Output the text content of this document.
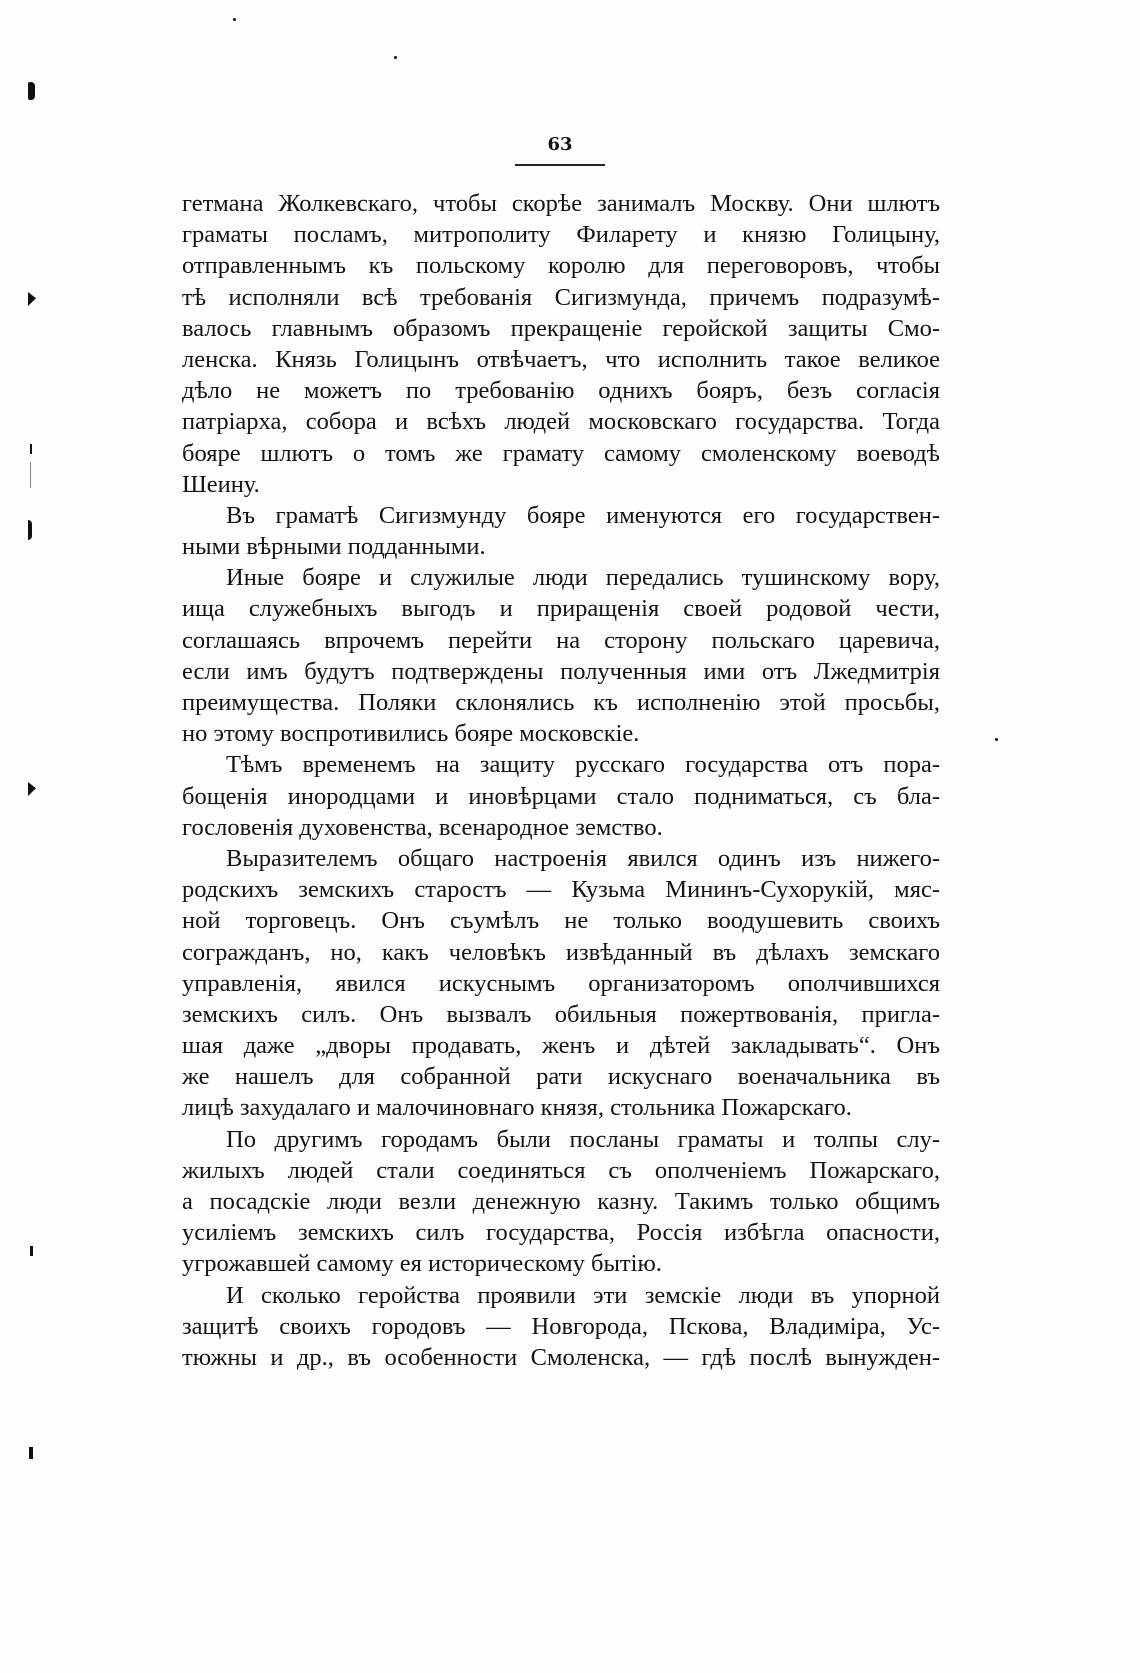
63
гетмана Жолкевскаго, чтобы скорѣе занималъ Москву. Они шлютъ
граматы посламъ, митрополиту Филарету и князю Голицыну,
отправленнымъ къ польскому королю для переговоровъ, чтобы
тѣ исполняли всѣ требованія Сигизмунда, причемъ подразумѣ-
валось главнымъ образомъ прекращеніе геройской защиты Смо-
ленска. Князь Голицынъ отвѣчаетъ, что исполнить такое великое
дѣло не можетъ по требованію однихъ бояръ, безъ согласія
патріарха, собора и всѣхъ людей московскаго государства. Тогда
бояре шлютъ о томъ же грамату самому смоленскому воеводѣ
Шеину.
Въ граматѣ Сигизмунду бояре именуются его государствен-
ными вѣрными подданными.
Иные бояре и служилые люди передались тушинскому вору,
ища служебныхъ выгодъ и приращенія своей родовой чести,
соглашаясь впрочемъ перейти на сторону польскаго царевича,
если имъ будутъ подтверждены полученныя ими отъ Лжедмитрія
преимущества. Поляки склонялись къ исполненію этой просьбы,
но этому воспротивились бояре московскіе.
Тѣмъ временемъ на защиту русскаго государства отъ пора-
бощенія инородцами и иновѣрцами стало подниматься, съ бла-
гословенія духовенства, всенародное земство.
Выразителемъ общаго настроенія явился одинъ изъ нижего-
родскихъ земскихъ старостъ — Кузьма Мининъ-Сухорукій, мяс-
ной торговецъ. Онъ съумѣлъ не только воодушевить своихъ
согражданъ, но, какъ человѣкъ извѣданный въ дѣлахъ земскаго
управленія, явился искуснымъ организаторомъ ополчившихся
земскихъ силъ. Онъ вызвалъ обильныя пожертвованія, пригла-
шая даже „дворы продавать, женъ и дѣтей закладывать“. Онъ
же нашелъ для собранной рати искуснаго военачальника въ
лицѣ захудалаго и малочиновнаго князя, стольника Пожарскаго.
По другимъ городамъ были посланы граматы и толпы слу-
жилыхъ людей стали соединяться съ ополченіемъ Пожарскаго,
а посадскіе люди везли денежную казну. Такимъ только общимъ
усиліемъ земскихъ силъ государства, Россія избѣгла опасности,
угрожавшей самому ея историческому бытію.
И сколько геройства проявили эти земскіе люди въ упорной
защитѣ своихъ городовъ — Новгорода, Пскова, Владиміра, Ус-
тюжны и др., въ особенности Смоленска, — гдѣ послѣ вынужден-
